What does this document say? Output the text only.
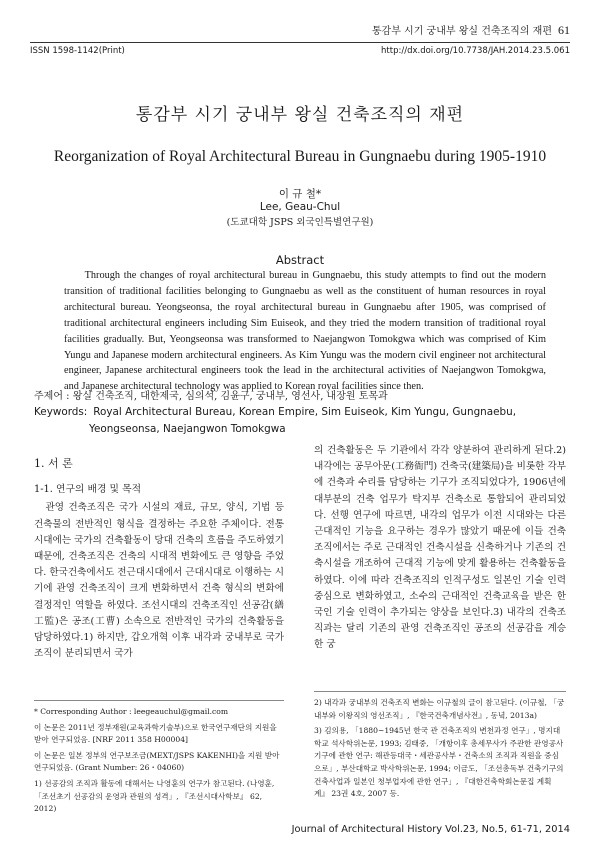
통감부 시기 궁내부 왕실 건축조직의 재편 61
ISSN 1598-1142(Print)	http://dx.doi.org/10.7738/JAH.2014.23.5.061
통감부 시기 궁내부 왕실 건축조직의 재편
Reorganization of Royal Architectural Bureau in Gungnaebu during 1905-1910
이 규 철*
Lee, Geau-Chul
(도쿄대학 JSPS 외국인특별연구원)
Abstract

Through the changes of royal architectural bureau in Gungnaebu, this study attempts to find out the modern transition of traditional facilities belonging to Gungnaebu as well as the constituent of human resources in royal architectural bureau. Yeongseonsa, the royal architectural bureau in Gungnaebu after 1905, was comprised of traditional architectural engineers including Sim Euiseok, and they tried the modern transition of traditional royal facilities gradually. But, Yeongseonsa was transformed to Naejangwon Tomokgwa which was comprised of Kim Yungu and Japanese modern architectural engineers. As Kim Yungu was the modern civil engineer not architectural engineer, Japanese architectural engineers took the lead in the architectural activities of Naejangwon Tomokgwa, and Japanese architectural technology was applied to Korean royal facilities since then.

주제어 : 왕실 건축조직, 대한제국, 심의석, 김윤구, 궁내부, 영선사, 내장원 토목과
Keywords: Royal Architectural Bureau, Korean Empire, Sim Euiseok, Kim Yungu, Gungnaebu,
Yeongseonsa, Naejangwon Tomokgwa
1. 서 론
1-1. 연구의 배경 및 목적

관영 건축조직은 국가 시설의 재료, 규모, 양식, 기법 등 건축물의 전반적인 형식을 결정하는 주요한 주체이다. 전통시대에는 국가의 건축활동이 당대 건축의 흐름을 주도하였기 때문에, 건축조직은 건축의 시대적 변화에도 큰 영향을 주었다. 한국건축에서도 전근대시대에서 근대시대로 이행하는 시기에 관영 건축조직이 크게 변화하면서 건축 형식의 변화에 결정적인 역할을 하였다. 조선시대의 건축조직인 선공감(繕工監)은 공조(工曹) 소속으로 전반적인 국가의 건축활동을 담당하였다.1) 하지만, 갑오개혁 이후 내각과 궁내부로 국가조직이 분리되면서 국가

의 건축활동은 두 기관에서 각각 양분하여 관리하게 된다.2) 내각에는 공무아문(工務衙門) 건축국(建築局)을 비롯한 각부에 건축과 수리를 담당하는 기구가 조직되었다가, 1906년에 대부분의 건축 업무가 탁지부 건축소로 통합되어 관리되었다. 선행 연구에 따르면, 내각의 업무가 이전 시대와는 다른 근대적인 기능을 요구하는 경우가 많았기 때문에 이들 건축조직에서는 주로 근대적인 건축시설을 신축하거나 기존의 건축시설을 개조하여 근대적 기능에 맞게 활용하는 건축활동을 하였다. 이에 따라 건축조직의 인적구성도 일본인 기술 인력 중심으로 변화하였고, 소수의 근대적인 건축교육을 받은 한국인 기술 인력이 추가되는 양상을 보인다.3) 내각의 건축조직과는 달리 기존의 관영 건축조직인 공조의 선공감을 계승한 궁

* Corresponding Author : leegeauchul@gmail.com

이 논문은 2011년 정부재원(교육과학기술부)으로 한국연구재단의 지원을 받아 연구되었음. [NRF 2011 358 H00004]

이 논문은 일본 정부의 연구보조금(MEXT/JSPS KAKENHI)을 지원 받아 연구되었음. (Grant Number: 26・04060)

1) 선공감의 조직과 활동에 대해서는 나영훈의 연구가 참고된다. (나영훈, 「조선초기 선공감의 운영과 관원의 성격」, 『조선시대사학보』 62, 2012)

2) 내각과 궁내부의 건축조직 변화는 이규철의 글이 참고된다. (이규철, 「궁내부와 이왕직의 영선조직」, 『한국건축개념사전』, 동녘, 2013a)

3) 김의용, 「1880~1945년 한국 관 건축조직의 변천과정 연구」, 명지대학교 석사학위논문, 1993; 김태중, 「개항이후 총세무사가 주관한 관영공사기구에 관한 연구: 해관등대국・세관공사부・건축소의 조직과 직원을 중심으로」, 부산대학교 박사학위논문, 1994; 이금도, 「조선총독부 건축기구의 건축사업과 일본인 청부업자에 관한 연구」, 『대한건축학회논문집 계획계』 23권 4호, 2007 등.

Journal of Architectural History Vol.23, No.5, 61-71, 2014
